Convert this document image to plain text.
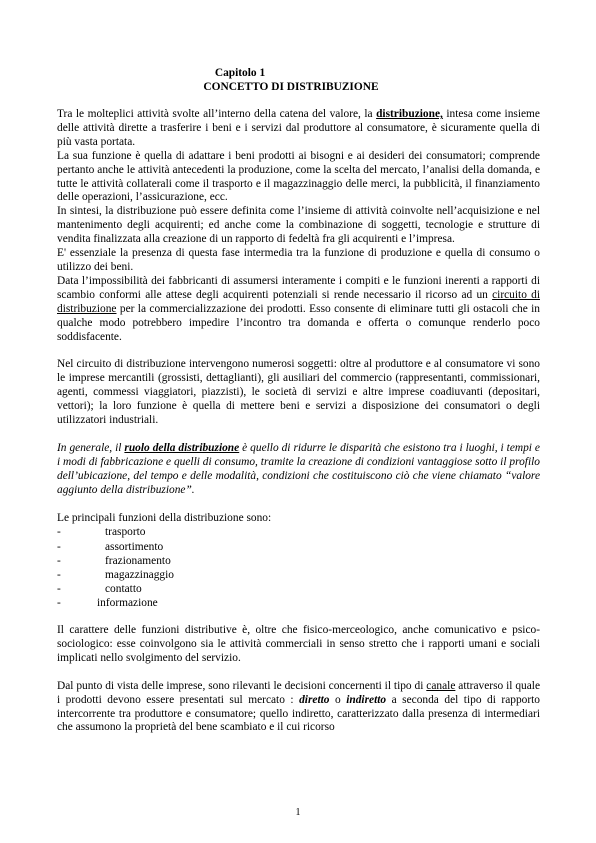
Capitolo 1
CONCETTO DI DISTRIBUZIONE

Tra le molteplici attività svolte all’interno della catena del valore, la distribuzione, intesa come insieme delle attività dirette a trasferire i beni e i servizi dal produttore al consumatore, è sicuramente quella di più vasta portata.

La sua funzione è quella di adattare i beni prodotti ai bisogni e ai desideri dei consumatori; comprende pertanto anche le attività antecedenti la produzione, come la scelta del mercato, l’analisi della domanda, e tutte le attività collaterali come il trasporto e il magazzinaggio delle merci, la pubblicità, il finanziamento delle operazioni, l’assicurazione, ecc.

In sintesi, la distribuzione può essere definita come l’insieme di attività coinvolte nell’acquisizione e nel mantenimento degli acquirenti; ed anche come la combinazione di soggetti, tecnologie e strutture di vendita finalizzata alla creazione di un rapporto di fedeltà fra gli acquirenti e l’impresa.

E' essenziale la presenza di questa fase intermedia tra la funzione di produzione e quella di consumo o utilizzo dei beni.

Data l’impossibilità dei fabbricanti di assumersi interamente i compiti e le funzioni inerenti a rapporti di scambio conformi alle attese degli acquirenti potenziali si rende necessario il ricorso ad un circuito di distribuzione per la commercializzazione dei prodotti. Esso consente di eliminare tutti gli ostacoli che in qualche modo potrebbero impedire l’incontro tra domanda e offerta o comunque renderlo poco soddisfacente.

Nel circuito di distribuzione intervengono numerosi soggetti: oltre al produttore e al consumatore vi sono le imprese mercantili (grossisti, dettaglianti), gli ausiliari del commercio (rappresentanti, commissionari, agenti, commessi viaggiatori, piazzisti), le società di servizi e altre imprese coadiuvanti (depositari, vettori); la loro funzione è quella di mettere beni e servizi a disposizione dei consumatori o degli utilizzatori industriali.

In generale, il ruolo della distribuzione è quello di ridurre le disparità che esistono tra i luoghi, i tempi e i modi di fabbricazione e quelli di consumo, tramite la creazione di condizioni vantaggiose sotto il profilo dell’ubicazione, del tempo e delle modalità, condizioni che costituiscono ciò che viene chiamato “valore aggiunto della distribuzione”.

Le principali funzioni della distribuzione sono:

-	trasporto
-	assortimento
-	frazionamento
-	magazzinaggio
-	contatto
-	informazione

Il carattere delle funzioni distributive è, oltre che fisico-merceologico, anche comunicativo e psico-sociologico: esse coinvolgono sia le attività commerciali in senso stretto che i rapporti umani e sociali implicati nello svolgimento del servizio.

Dal punto di vista delle imprese, sono rilevanti le decisioni concernenti il tipo di canale attraverso il quale i prodotti devono essere presentati sul mercato : diretto o indiretto a seconda del tipo di rapporto intercorrente tra produttore e consumatore; quello indiretto, caratterizzato dalla presenza di intermediari che assumono la proprietà del bene scambiato e il cui ricorso

1
